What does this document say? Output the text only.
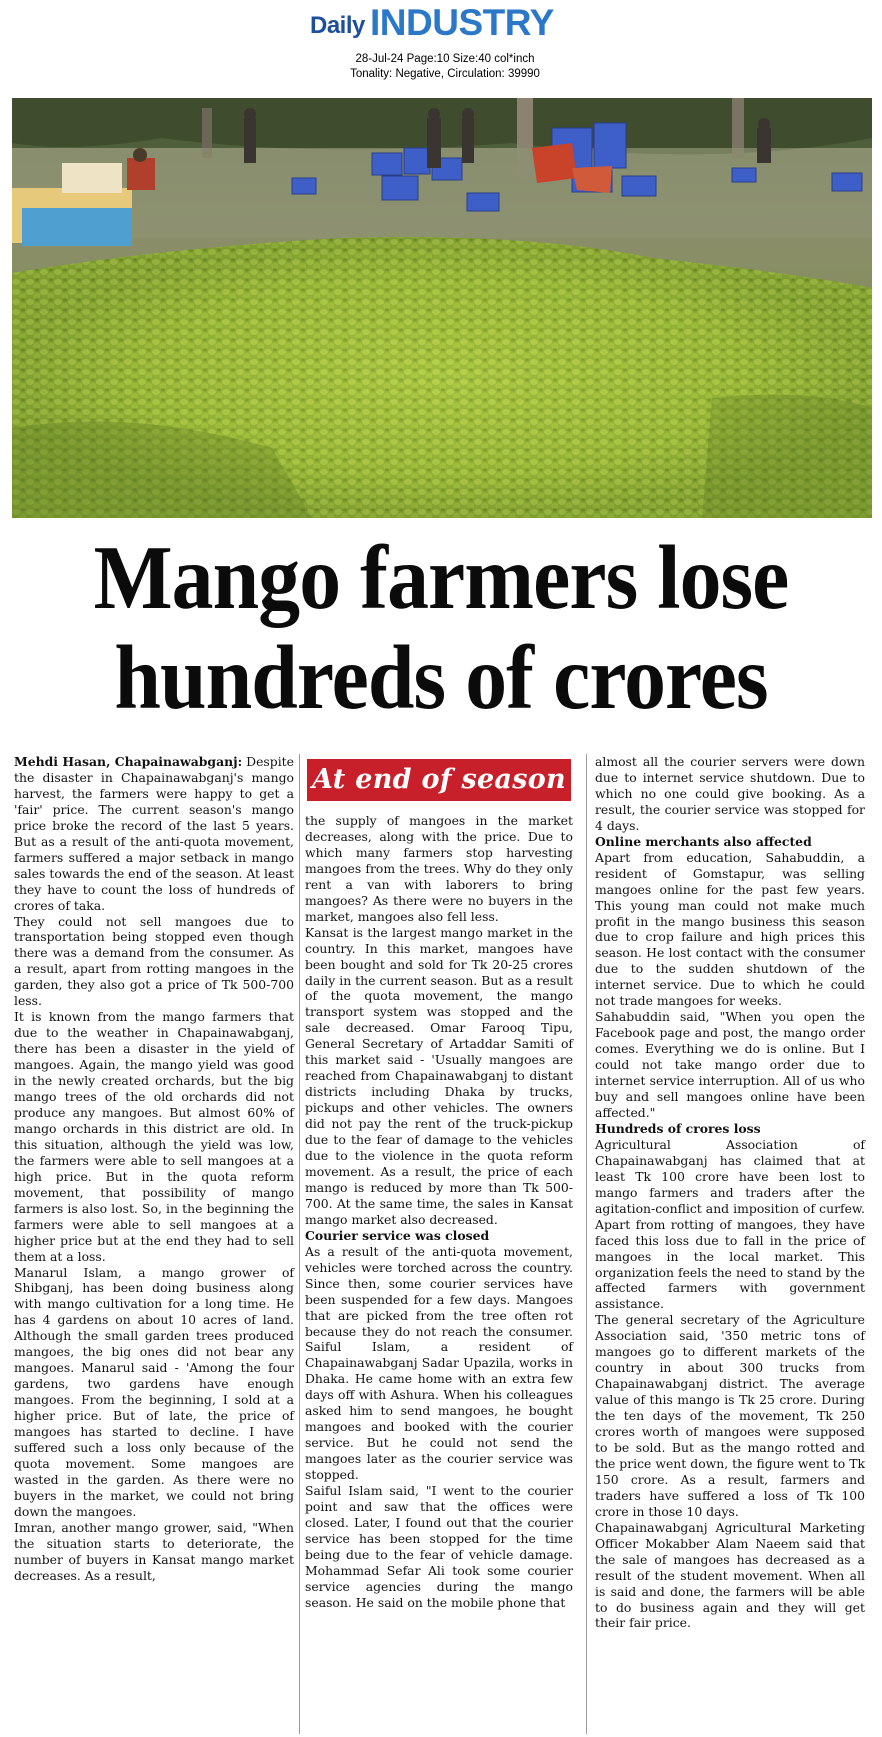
Daily INDUSTRY
28-Jul-24 Page:10 Size:40 col*inch
Tonality: Negative, Circulation: 39990
Mango farmers lose
hundreds of crores

Mehdi Hasan, Chapainawabganj: Despite the disaster in Chapainawabganj's mango harvest, the farmers were happy to get a 'fair' price. The current season's mango price broke the record of the last 5 years. But as a result of the anti-quota movement, farmers suffered a major setback in mango sales towards the end of the season. At least they have to count the loss of hundreds of crores of taka.

They could not sell mangoes due to transportation being stopped even though there was a demand from the consumer. As a result, apart from rotting mangoes in the garden, they also got a price of Tk 500-700 less.

It is known from the mango farmers that due to the weather in Chapainawabganj, there has been a disaster in the yield of mangoes. Again, the mango yield was good in the newly created orchards, but the big mango trees of the old orchards did not produce any mangoes. But almost 60% of mango orchards in this district are old. In this situation, although the yield was low, the farmers were able to sell mangoes at a high price. But in the quota reform movement, that possibility of mango farmers is also lost. So, in the beginning the farmers were able to sell mangoes at a higher price but at the end they had to sell them at a loss.

Manarul Islam, a mango grower of Shibganj, has been doing business along with mango cultivation for a long time. He has 4 gardens on about 10 acres of land. Although the small garden trees produced mangoes, the big ones did not bear any mangoes. Manarul said - 'Among the four gardens, two gardens have enough mangoes. From the beginning, I sold at a higher price. But of late, the price of mangoes has started to decline. I have suffered such a loss only because of the quota movement. Some mangoes are wasted in the garden. As there were no buyers in the market, we could not bring down the mangoes.

Imran, another mango grower, said, "When the situation starts to deteriorate, the number of buyers in Kansat mango market decreases. As a result,

At end of season

the supply of mangoes in the market decreases, along with the price. Due to which many farmers stop harvesting mangoes from the trees. Why do they only rent a van with laborers to bring mangoes? As there were no buyers in the market, mangoes also fell less.

Kansat is the largest mango market in the country. In this market, mangoes have been bought and sold for Tk 20-25 crores daily in the current season. But as a result of the quota movement, the mango transport system was stopped and the sale decreased. Omar Farooq Tipu, General Secretary of Artaddar Samiti of this market said - 'Usually mangoes are reached from Chapainawabganj to distant districts including Dhaka by trucks, pickups and other vehicles. The owners did not pay the rent of the truck-pickup due to the fear of damage to the vehicles due to the violence in the quota reform movement. As a result, the price of each mango is reduced by more than Tk 500-700. At the same time, the sales in Kansat mango market also decreased.

Courier service was closed

As a result of the anti-quota movement, vehicles were torched across the country. Since then, some courier services have been suspended for a few days. Mangoes that are picked from the tree often rot because they do not reach the consumer. Saiful Islam, a resident of Chapainawabganj Sadar Upazila, works in Dhaka. He came home with an extra few days off with Ashura. When his colleagues asked him to send mangoes, he bought mangoes and booked with the courier service. But he could not send the mangoes later as the courier service was stopped.

Saiful Islam said, "I went to the courier point and saw that the offices were closed. Later, I found out that the courier service has been stopped for the time being due to the fear of vehicle damage. Mohammad Sefar Ali took some courier service agencies during the mango season. He said on the mobile phone that

almost all the courier servers were down due to internet service shutdown. Due to which no one could give booking. As a result, the courier service was stopped for 4 days.

Online merchants also affected

Apart from education, Sahabuddin, a resident of Gomstapur, was selling mangoes online for the past few years. This young man could not make much profit in the mango business this season due to crop failure and high prices this season. He lost contact with the consumer due to the sudden shutdown of the internet service. Due to which he could not trade mangoes for weeks.

Sahabuddin said, "When you open the Facebook page and post, the mango order comes. Everything we do is online. But I could not take mango order due to internet service interruption. All of us who buy and sell mangoes online have been affected."

Hundreds of crores loss

Agricultural Association of Chapainawabganj has claimed that at least Tk 100 crore have been lost to mango farmers and traders after the agitation-conflict and imposition of curfew. Apart from rotting of mangoes, they have faced this loss due to fall in the price of mangoes in the local market. This organization feels the need to stand by the affected farmers with government assistance.

The general secretary of the Agriculture Association said, '350 metric tons of mangoes go to different markets of the country in about 300 trucks from Chapainawabganj district. The average value of this mango is Tk 25 crore. During the ten days of the movement, Tk 250 crores worth of mangoes were supposed to be sold. But as the mango rotted and the price went down, the figure went to Tk 150 crore. As a result, farmers and traders have suffered a loss of Tk 100 crore in those 10 days.

Chapainawabganj Agricultural Marketing Officer Mokabber Alam Naeem said that the sale of mangoes has decreased as a result of the student movement. When all is said and done, the farmers will be able to do business again and they will get their fair price.
